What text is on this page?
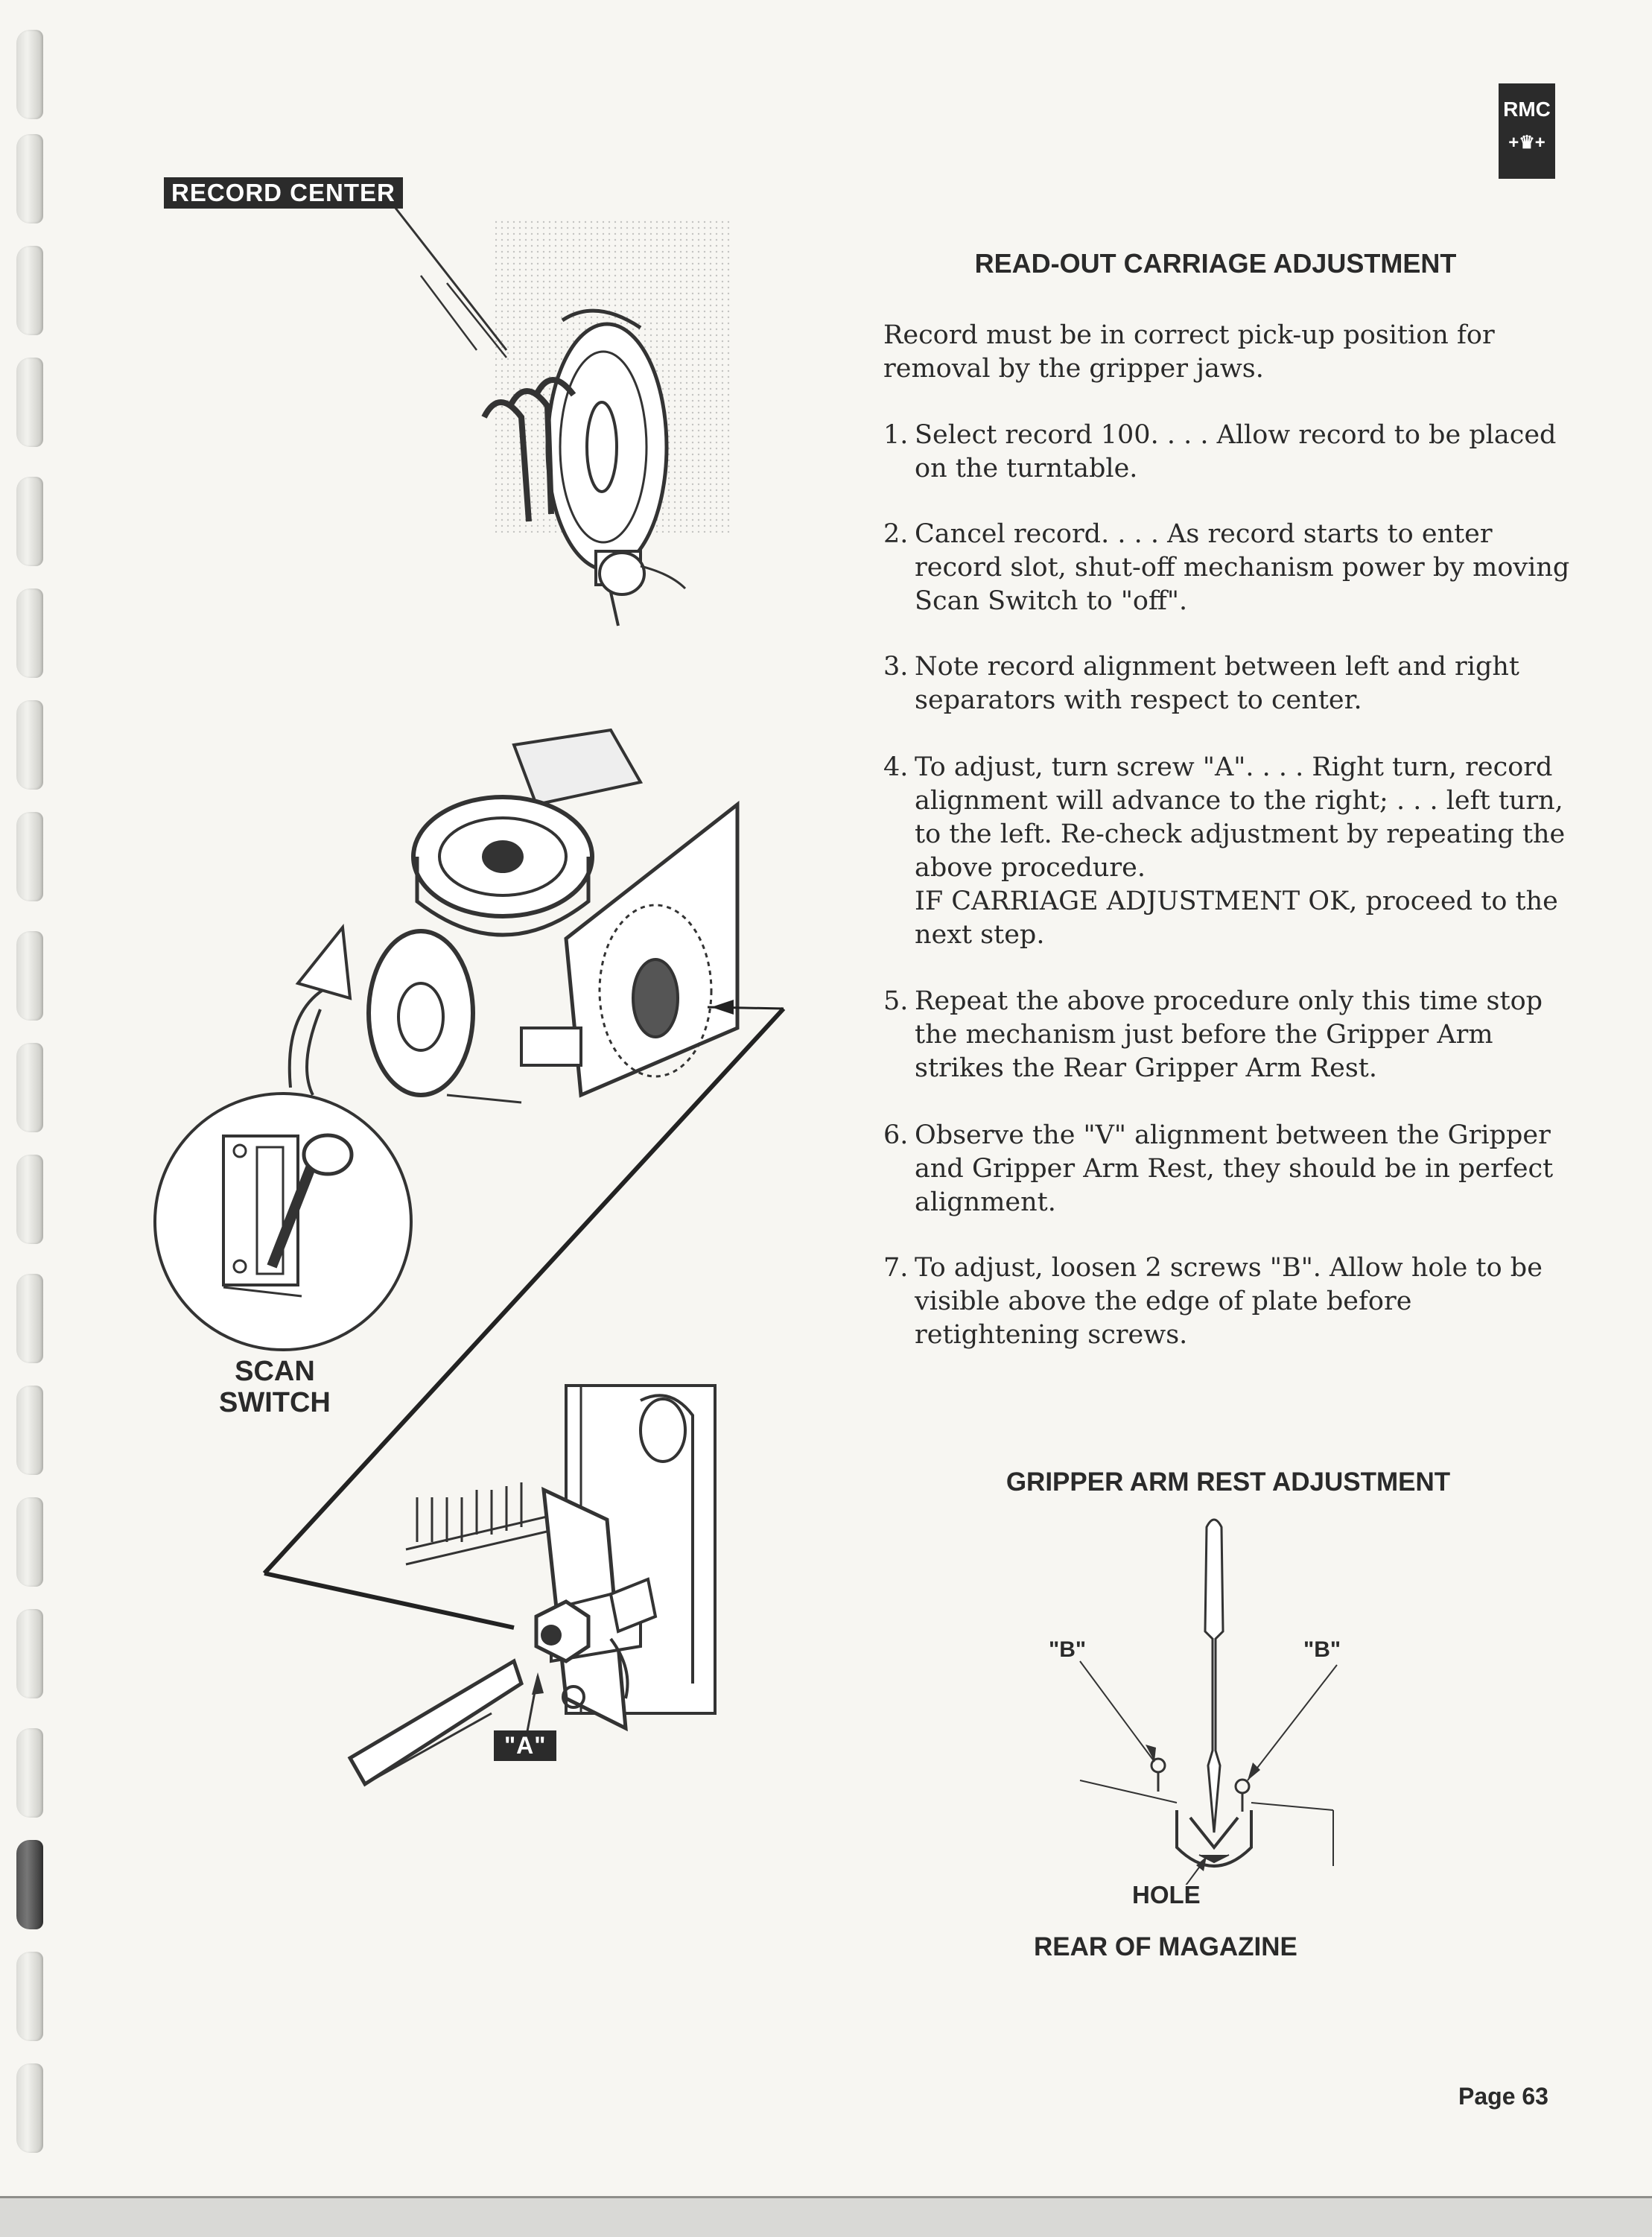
RMC
+♛+
RECORD CENTER
SCAN
SWITCH
"A"
READ-OUT CARRIAGE ADJUSTMENT
Record must be in correct pick-up position for removal by the gripper jaws.
1. Select record 100. . . . Allow record to be placed on the turntable.
2. Cancel record. . . . As record starts to enter record slot, shut-off mechanism power by moving Scan Switch to "off".
3. Note record alignment between left and right separators with respect to center.
4. To adjust, turn screw "A". . . . Right turn, record alignment will advance to the right; . . . left turn, to the left. Re-check adjustment by repeating the above procedure.
IF CARRIAGE ADJUSTMENT OK, proceed to the next step.
5. Repeat the above procedure only this time stop the mechanism just before the Gripper Arm strikes the Rear Gripper Arm Rest.
6. Observe the "V" alignment between the Gripper and Gripper Arm Rest, they should be in perfect alignment.
7. To adjust, loosen 2 screws "B". Allow hole to be visible above the edge of plate before retightening screws.
GRIPPER ARM REST ADJUSTMENT
"B"	"B"
HOLE
REAR OF MAGAZINE
Page 63
